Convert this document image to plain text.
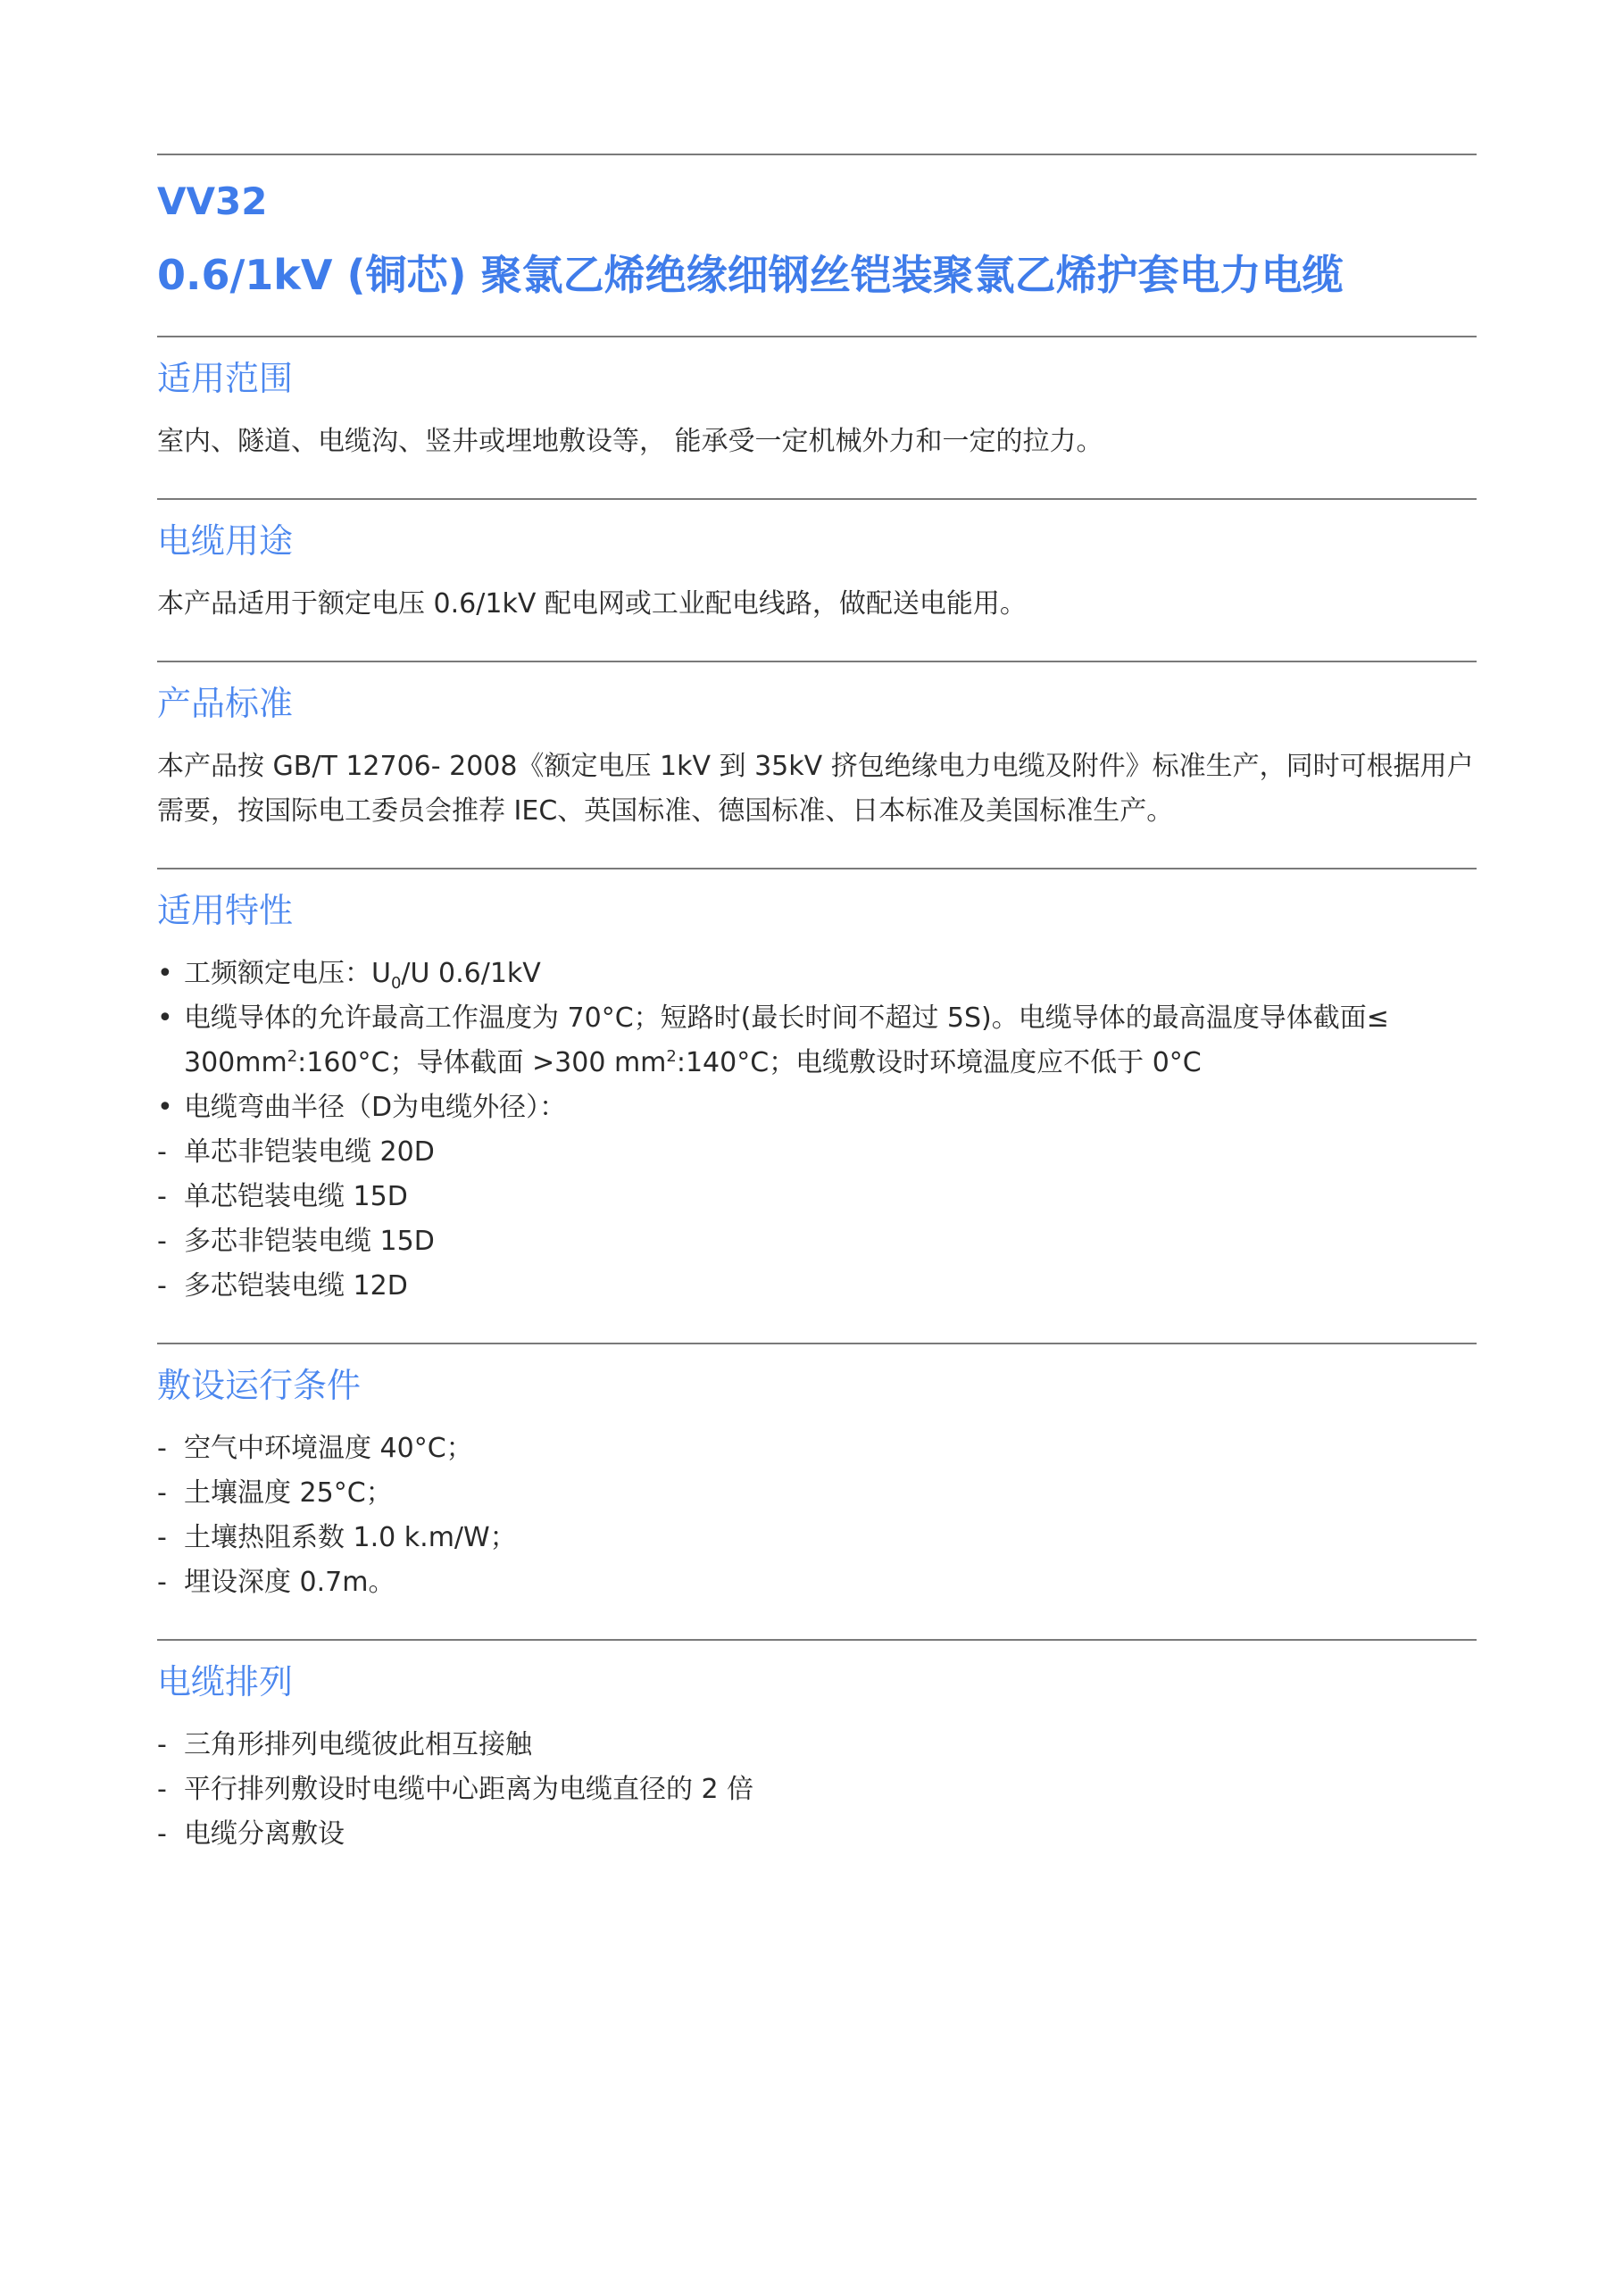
VV32
0.6/1kV (铜芯) 聚氯乙烯绝缘细钢丝铠装聚氯乙烯护套电力电缆
适用范围
室内、隧道、电缆沟、竖井或埋地敷设等， 能承受一定机械外力和一定的拉力。
电缆用途
本产品适用于额定电压 0.6/1kV 配电网或工业配电线路，做配送电能用。
产品标准
本产品按 GB/T 12706- 2008《额定电压 1kV 到 35kV 挤包绝缘电力电缆及附件》标准生产，同时可根据用户需要，按国际电工委员会推荐 IEC、英国标准、德国标准、日本标准及美国标准生产。
适用特性
• 工频额定电压：$U_0/U$ 0.6/1kV
• 电缆导体的允许最高工作温度为 70°C；短路时(最长时间不超过 5S)。电缆导体的最高温度导体截面≤ $300mm^2:160^\circ C$；导体截面 >300 $mm^2:140^\circ C$；电缆敷设时环境温度应不低于 0°C
• 电缆弯曲半径（D为电缆外径）：
- 单芯非铠装电缆 20D
- 单芯铠装电缆 15D
- 多芯非铠装电缆 15D
- 多芯铠装电缆 12D
敷设运行条件
- 空气中环境温度 40°C；
- 土壤温度 25°C；
- 土壤热阻系数 1.0 k.m/W；
- 埋设深度 0.7m。
电缆排列
- 三角形排列电缆彼此相互接触
- 平行排列敷设时电缆中心距离为电缆直径的 2 倍
- 电缆分离敷设
